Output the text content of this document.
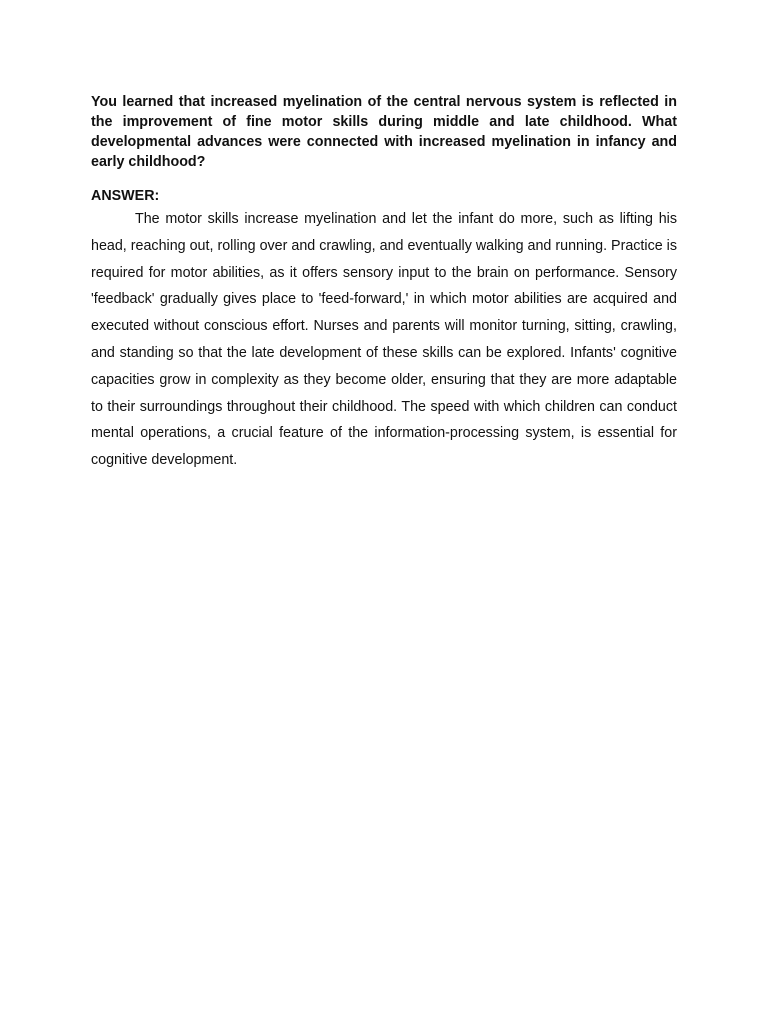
You learned that increased myelination of the central nervous system is reflected in the improvement of fine motor skills during middle and late childhood. What developmental advances were connected with increased myelination in infancy and early childhood?

ANSWER:

The motor skills increase myelination and let the infant do more, such as lifting his head, reaching out, rolling over and crawling, and eventually walking and running. Practice is required for motor abilities, as it offers sensory input to the brain on performance. Sensory 'feedback' gradually gives place to 'feed-forward,' in which motor abilities are acquired and executed without conscious effort. Nurses and parents will monitor turning, sitting, crawling, and standing so that the late development of these skills can be explored. Infants' cognitive capacities grow in complexity as they become older, ensuring that they are more adaptable to their surroundings throughout their childhood. The speed with which children can conduct mental operations, a crucial feature of the information-processing system, is essential for cognitive development.
